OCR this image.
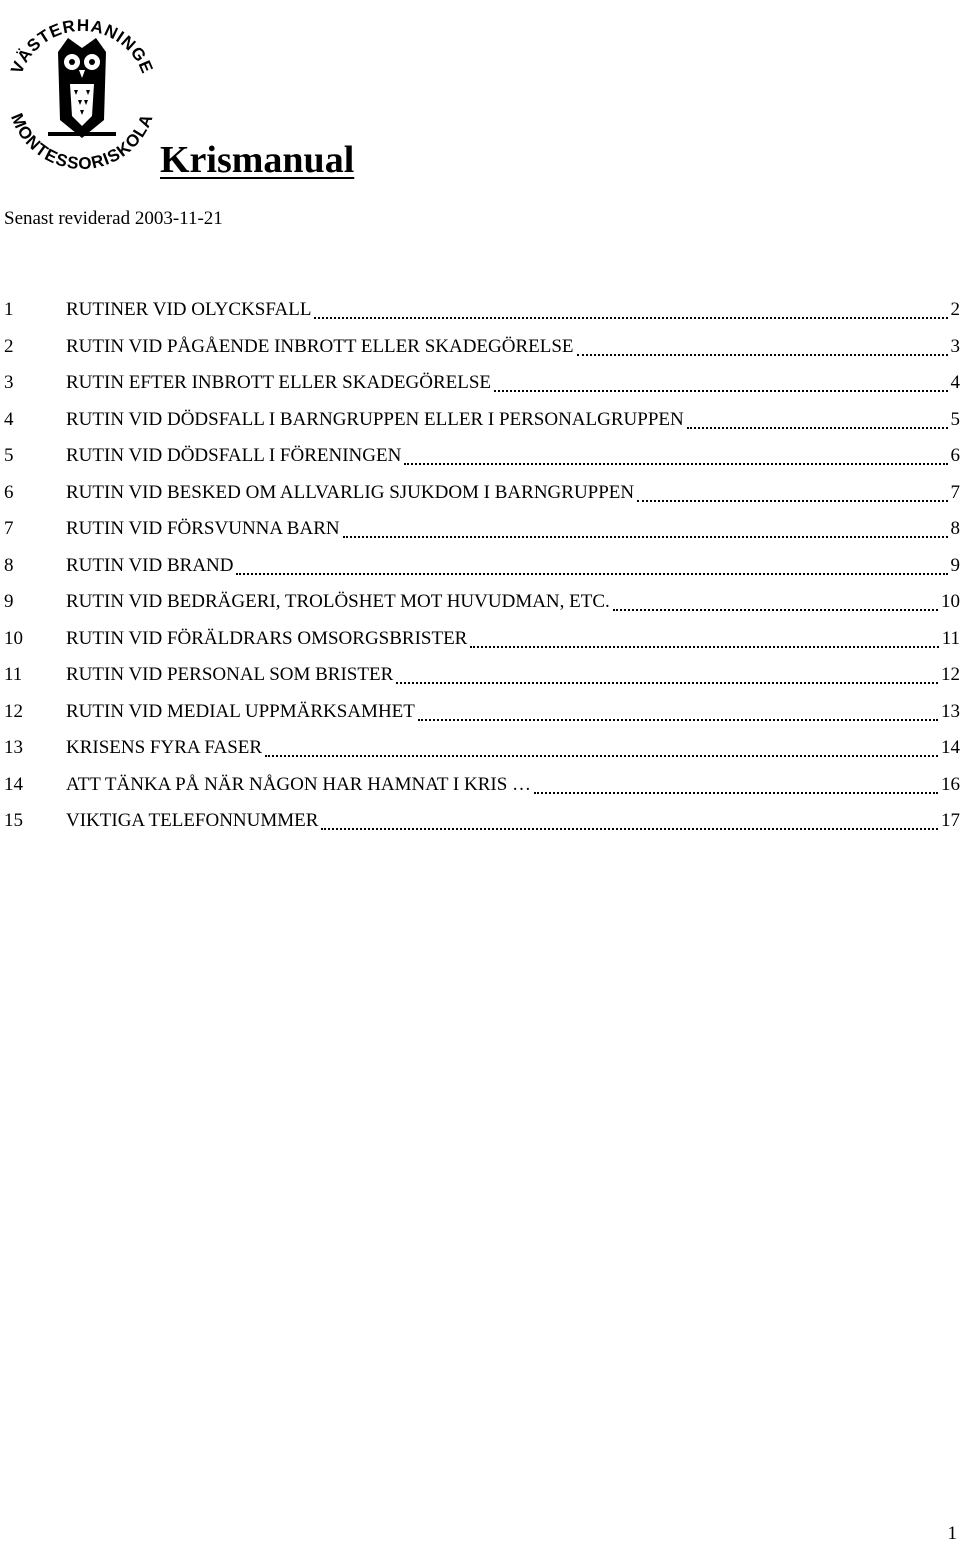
VÄSTERHANINGE
MONTESSORISKOLA
Krismanual

Senast reviderad 2003-11-21

1	RUTINER VID OLYCKSFALL	2
2	RUTIN VID PÅGÅENDE INBROTT ELLER SKADEGÖRELSE	3
3	RUTIN EFTER INBROTT ELLER SKADEGÖRELSE	4
4	RUTIN VID DÖDSFALL I BARNGRUPPEN ELLER I PERSONALGRUPPEN	5
5	RUTIN VID DÖDSFALL I FÖRENINGEN	6
6	RUTIN VID BESKED OM ALLVARLIG SJUKDOM I BARNGRUPPEN	7
7	RUTIN VID FÖRSVUNNA BARN	8
8	RUTIN VID BRAND	9
9	RUTIN VID BEDRÄGERI, TROLÖSHET MOT HUVUDMAN, ETC.	10
10	RUTIN VID FÖRÄLDRARS OMSORGSBRISTER	11
11	RUTIN VID PERSONAL SOM BRISTER	12
12	RUTIN VID MEDIAL UPPMÄRKSAMHET	13
13	KRISENS FYRA FASER	14
14	ATT TÄNKA PÅ NÄR NÅGON HAR HAMNAT I KRIS …	16
15	VIKTIGA TELEFONNUMMER	17

1
